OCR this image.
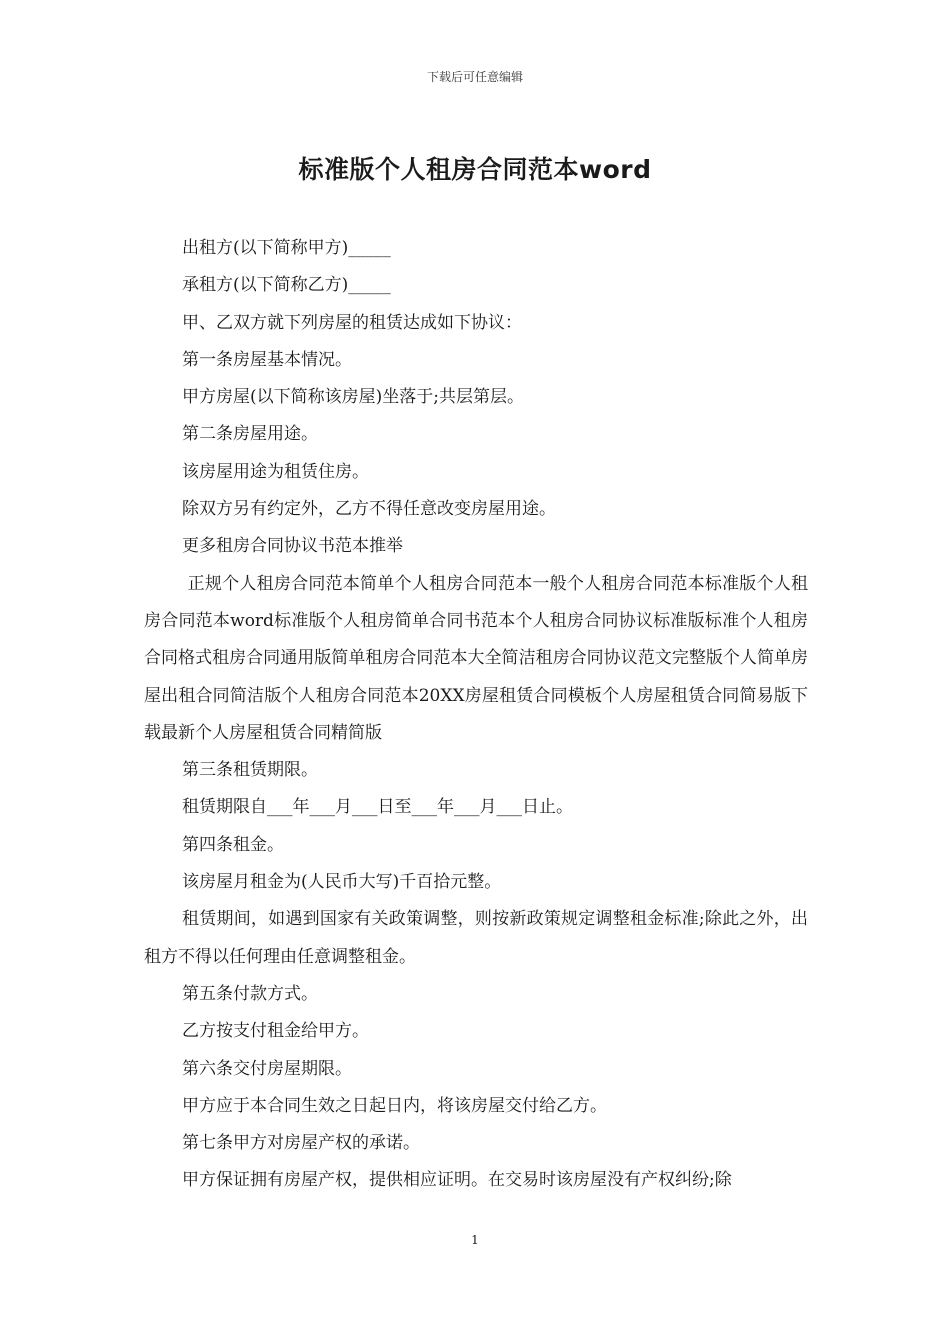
下载后可任意编辑
标准版个人租房合同范本word

出租方(以下简称甲方)_____

承租方(以下简称乙方)_____

甲、乙双方就下列房屋的租赁达成如下协议：

第一条房屋基本情况。

甲方房屋(以下简称该房屋)坐落于;共层第层。

第二条房屋用途。

该房屋用途为租赁住房。

除双方另有约定外，乙方不得任意改变房屋用途。

更多租房合同协议书范本推举

正规个人租房合同范本简单个人租房合同范本一般个人租房合同范本标准版个人租房合同范本word标准版个人租房简单合同书范本个人租房合同协议标准版标准个人租房合同格式租房合同通用版简单租房合同范本大全简洁租房合同协议范文完整版个人简单房屋出租合同简洁版个人租房合同范本20XX房屋租赁合同模板个人房屋租赁合同简易版下载最新个人房屋租赁合同精简版

第三条租赁期限。

租赁期限自___年___月___日至___年___月___日止。

第四条租金。

该房屋月租金为(人民币大写)千百拾元整。

租赁期间，如遇到国家有关政策调整，则按新政策规定调整租金标准;除此之外，出租方不得以任何理由任意调整租金。

第五条付款方式。

乙方按支付租金给甲方。

第六条交付房屋期限。

甲方应于本合同生效之日起日内，将该房屋交付给乙方。

第七条甲方对房屋产权的承诺。

甲方保证拥有房屋产权，提供相应证明。在交易时该房屋没有产权纠纷;除

1
